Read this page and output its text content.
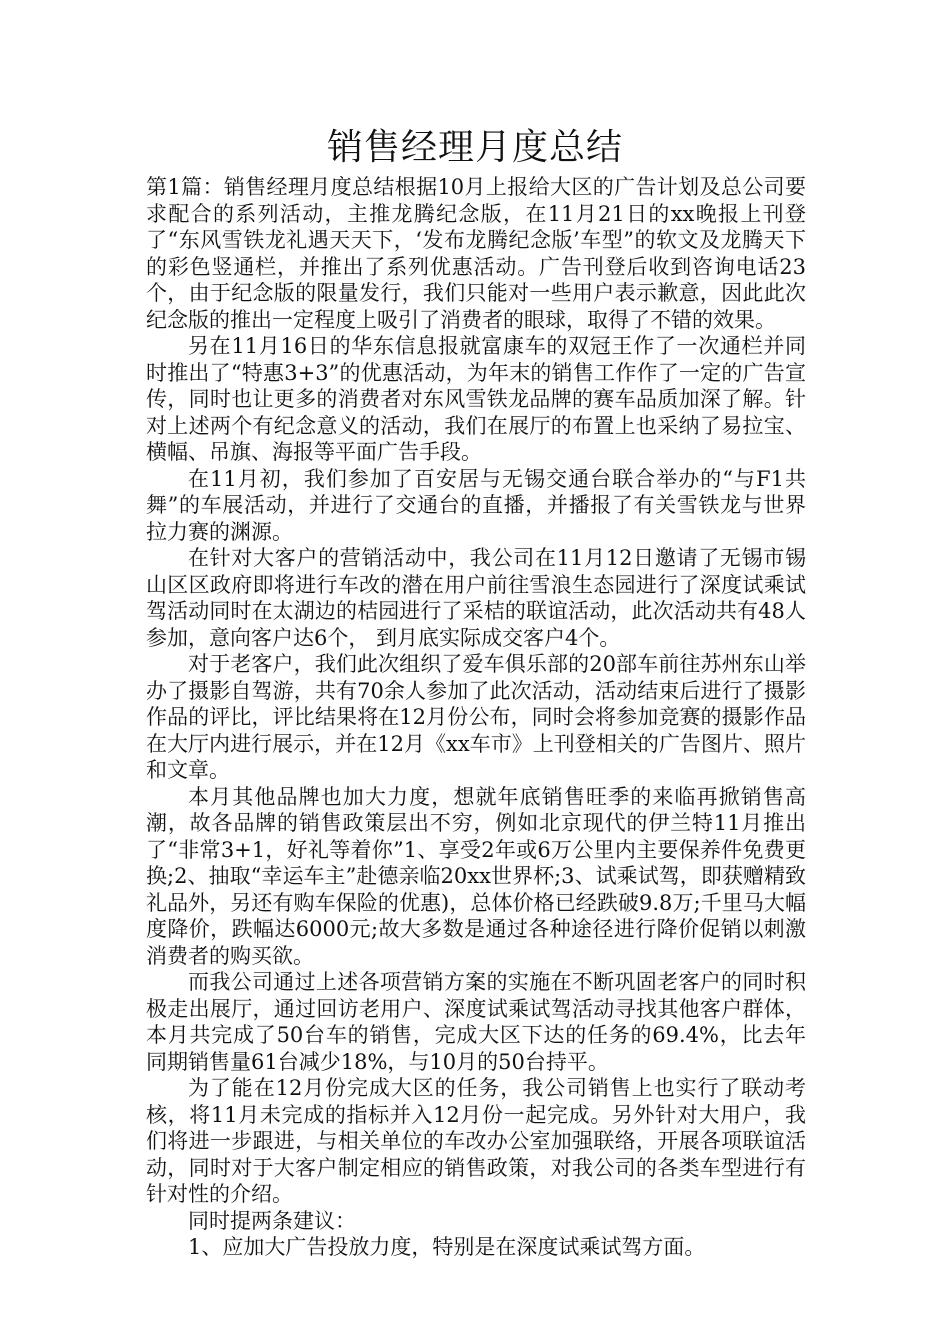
销售经理月度总结

第1篇：销售经理月度总结根据10月上报给大区的广告计划及总公司要求配合的系列活动，主推龙腾纪念版，在11月21日的xx晚报上刊登了“东风雪铁龙礼遇天天下，‘发布龙腾纪念版’车型”的软文及龙腾天下的彩色竖通栏，并推出了系列优惠活动。广告刊登后收到咨询电话23个，由于纪念版的限量发行，我们只能对一些用户表示歉意，因此此次纪念版的推出一定程度上吸引了消费者的眼球，取得了不错的效果。

另在11月16日的华东信息报就富康车的双冠王作了一次通栏并同时推出了“特惠3+3”的优惠活动，为年末的销售工作作了一定的广告宣传，同时也让更多的消费者对东风雪铁龙品牌的赛车品质加深了解。针对上述两个有纪念意义的活动，我们在展厅的布置上也采纳了易拉宝、横幅、吊旗、海报等平面广告手段。

在11月初，我们参加了百安居与无锡交通台联合举办的“与F1共舞”的车展活动，并进行了交通台的直播，并播报了有关雪铁龙与世界拉力赛的渊源。

在针对大客户的营销活动中，我公司在11月12日邀请了无锡市锡山区区政府即将进行车改的潜在用户前往雪浪生态园进行了深度试乘试驾活动同时在太湖边的桔园进行了采桔的联谊活动，此次活动共有48人参加，意向客户达6个， 到月底实际成交客户4个。

对于老客户，我们此次组织了爱车俱乐部的20部车前往苏州东山举办了摄影自驾游，共有70余人参加了此次活动，活动结束后进行了摄影作品的评比，评比结果将在12月份公布，同时会将参加竞赛的摄影作品在大厅内进行展示，并在12月《xx车市》上刊登相关的广告图片、照片和文章。

本月其他品牌也加大力度，想就年底销售旺季的来临再掀销售高潮，故各品牌的销售政策层出不穷，例如北京现代的伊兰特11月推出了“非常3+1，好礼等着你”1、享受2年或6万公里内主要保养件免费更换;2、抽取“幸运车主”赴德亲临20xx世界杯;3、试乘试驾，即获赠精致礼品外，另还有购车保险的优惠)，总体价格已经跌破9.8万;千里马大幅度降价，跌幅达6000元;故大多数是通过各种途径进行降价促销以刺激消费者的购买欲。

而我公司通过上述各项营销方案的实施在不断巩固老客户的同时积极走出展厅，通过回访老用户、深度试乘试驾活动寻找其他客户群体，本月共完成了50台车的销售，完成大区下达的任务的69.4%，比去年同期销售量61台减少18%，与10月的50台持平。

为了能在12月份完成大区的任务，我公司销售上也实行了联动考核，将11月未完成的指标并入12月份一起完成。另外针对大用户，我们将进一步跟进，与相关单位的车改办公室加强联络，开展各项联谊活动，同时对于大客户制定相应的销售政策，对我公司的各类车型进行有针对性的介绍。

同时提两条建议：

1、应加大广告投放力度，特别是在深度试乘试驾方面。
